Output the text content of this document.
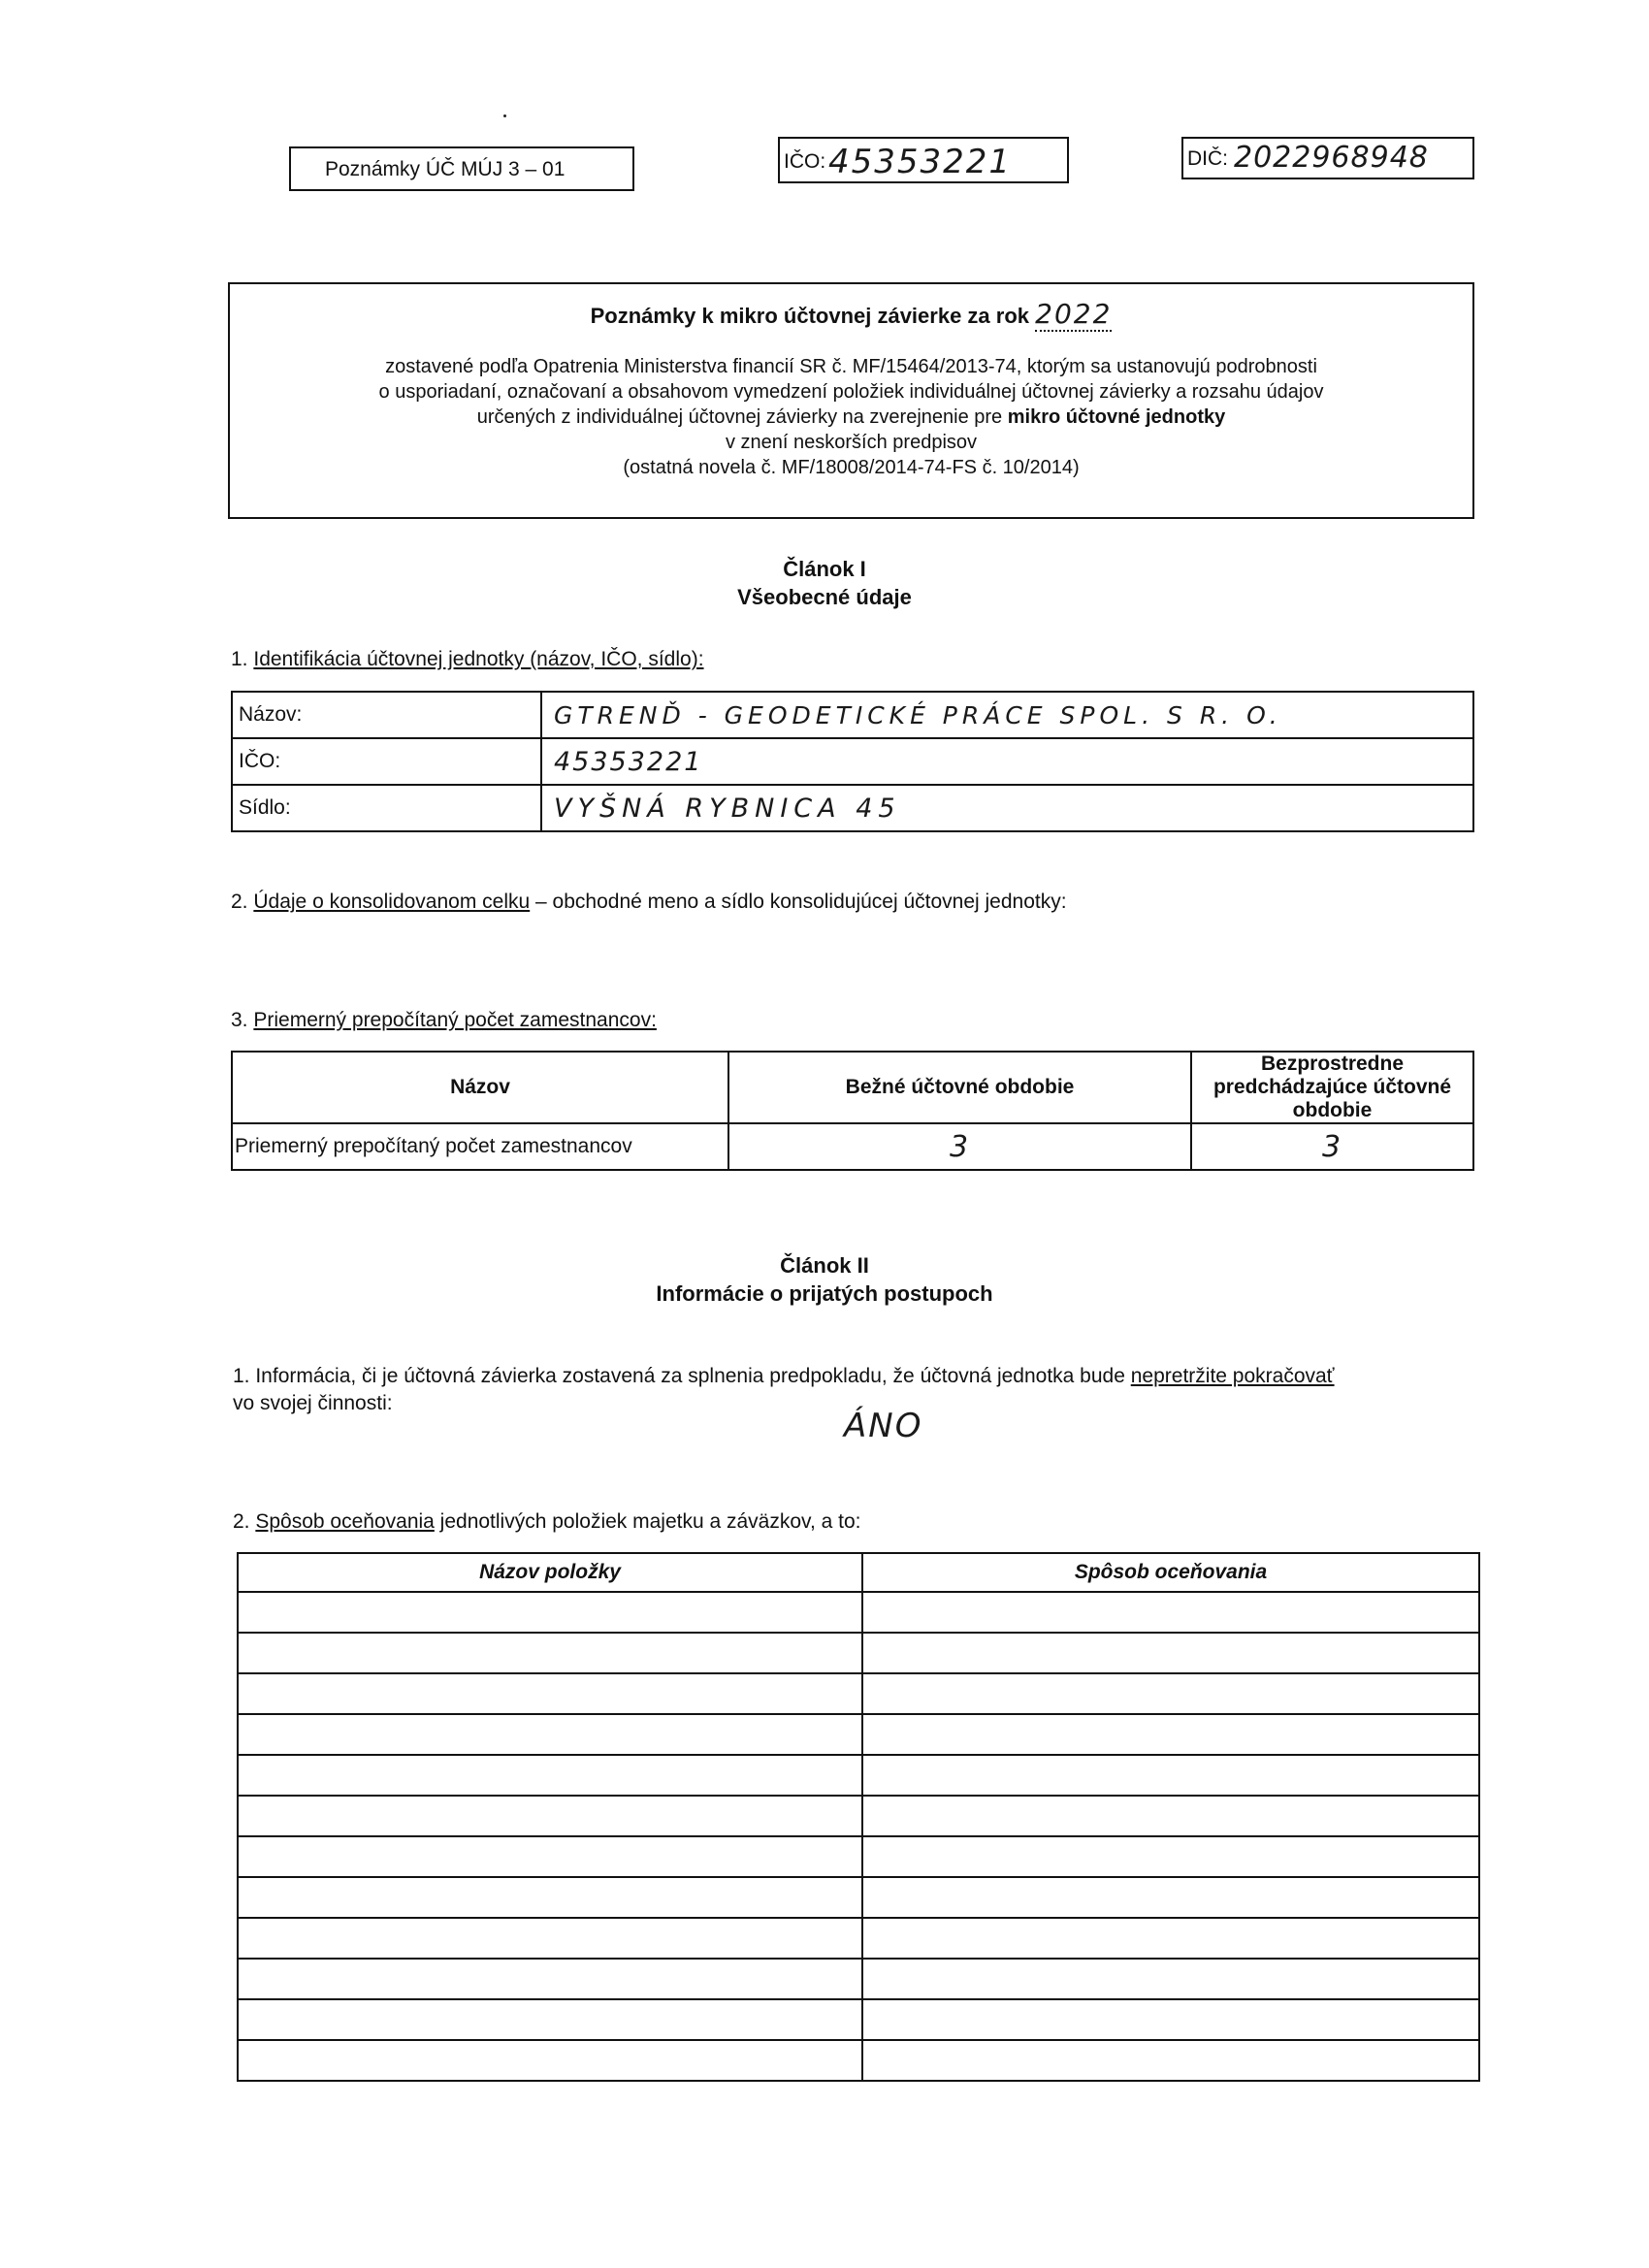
Poznámky ÚČ MÚJ 3 – 01	IČO: 45353221	DIČ: 2022968948
Poznámky k mikro účtovnej závierke za rok 2022
zostavené podľa Opatrenia Ministerstva financií SR č. MF/15464/2013-74, ktorým sa ustanovujú podrobnosti
o usporiadaní, označovaní a obsahovom vymedzení položiek individuálnej účtovnej závierky a rozsahu údajov
určených z individuálnej účtovnej závierky na zverejnenie pre mikro účtovné jednotky
v znení neskorších predpisov
(ostatná novela č. MF/18008/2014-74-FS č. 10/2014)
Článok I
Všeobecné údaje
1. Identifikácia účtovnej jednotky (názov, IČO, sídlo):
Názov:	GTRENĎ - GEODETICKÉ PRÁCE SPOL. S R. O.
IČO:	45353221
Sídlo:	VYŠNÁ RYBNICA 45
2. Údaje o konsolidovanom celku – obchodné meno a sídlo konsolidujúcej účtovnej jednotky:
3. Priemerný prepočítaný počet zamestnancov:
Názov	Bežné účtovné obdobie	Bezprostredne predchádzajúce účtovné obdobie
Priemerný prepočítaný počet zamestnancov	3	3
Článok II
Informácie o prijatých postupoch
1. Informácia, či je účtovná závierka zostavená za splnenia predpokladu, že účtovná jednotka bude nepretržite pokračovať
vo svojej činnosti:
ÁNO
2. Spôsob oceňovania jednotlivých položiek majetku a záväzkov, a to:
Názov položky	Spôsob oceňovania
